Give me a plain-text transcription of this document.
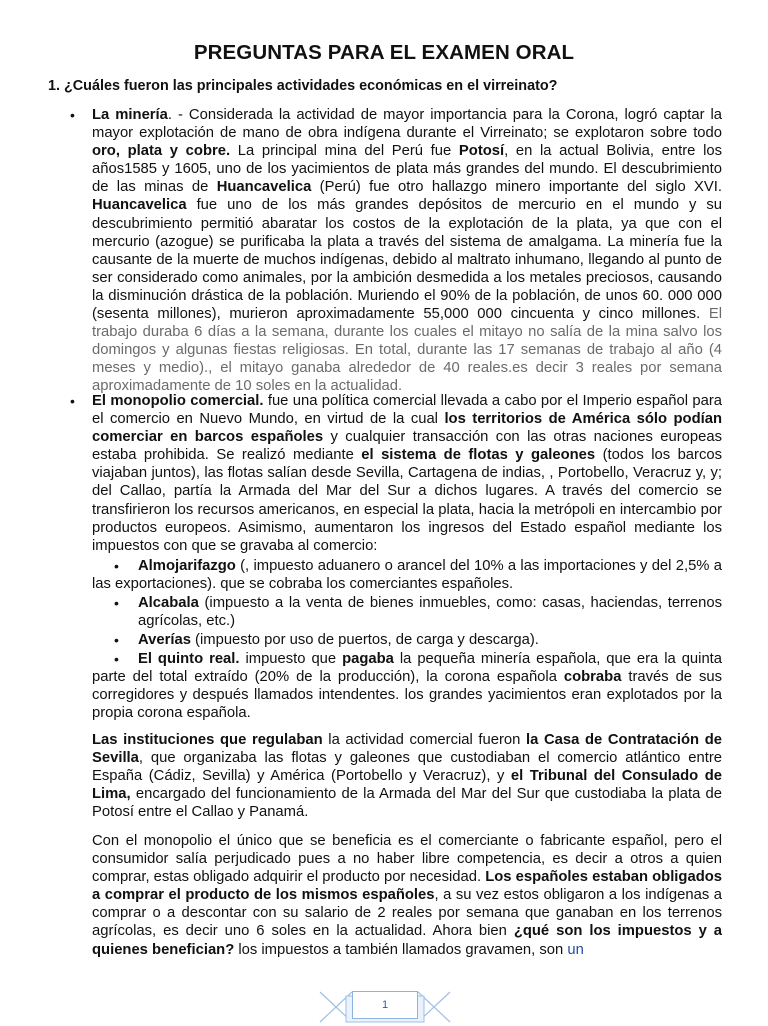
PREGUNTAS PARA EL EXAMEN ORAL

1. ¿Cuáles fueron las principales actividades económicas en el virreinato?

• La minería. - Considerada la actividad de mayor importancia para la Corona, logró captar la mayor explotación de mano de obra indígena durante el Virreinato; se explotaron sobre todo oro, plata y cobre. La principal mina del Perú fue Potosí, en la actual Bolivia, entre los años1585 y 1605, uno de los yacimientos de plata más grandes del mundo. El descubrimiento de las minas de Huancavelica (Perú) fue otro hallazgo minero importante del siglo XVI. Huancavelica fue uno de los más grandes depósitos de mercurio en el mundo y su descubrimiento permitió abaratar los costos de la explotación de la plata, ya que con el mercurio (azogue) se purificaba la plata a través del sistema de amalgama. La minería fue la causante de la muerte de muchos indígenas, debido al maltrato inhumano, llegando al punto de ser considerado como animales, por la ambición desmedida a los metales preciosos, causando la disminución drástica de la población. Muriendo el 90% de la población, de unos 60. 000 000 (sesenta millones), murieron aproximadamente 55,000 000 cincuenta y cinco millones. El trabajo duraba 6 días a la semana, durante los cuales el mitayo no salía de la mina salvo los domingos y algunas fiestas religiosas. En total, durante las 17 semanas de trabajo al año (4 meses y medio)., el mitayo ganaba alrededor de 40 reales.es decir 3 reales por semana aproximadamente de 10 soles en la actualidad.

• El monopolio comercial. fue una política comercial llevada a cabo por el Imperio español para el comercio en Nuevo Mundo, en virtud de la cual los territorios de América sólo podían comerciar en barcos españoles y cualquier transacción con las otras naciones europeas estaba prohibida. Se realizó mediante el sistema de flotas y galeones (todos los barcos viajaban juntos), las flotas salían desde Sevilla, Cartagena de indias, , Portobello, Veracruz y, y; del Callao, partía la Armada del Mar del Sur a dichos lugares. A través del comercio se transfirieron los recursos americanos, en especial la plata, hacia la metrópoli en intercambio por productos europeos. Asimismo, aumentaron los ingresos del Estado español mediante los impuestos con que se gravaba al comercio:

•	Almojarifazgo (, impuesto aduanero o arancel del 10% a las importaciones y del 2,5% a las exportaciones). que se cobraba los comerciantes españoles.

• Alcabala (impuesto a la venta de bienes inmuebles, como: casas, haciendas, terrenos agrícolas, etc.)

• Averías (impuesto por uso de puertos, de carga y descarga).

•	El quinto real. impuesto que pagaba la pequeña minería española, que era la quinta parte del total extraído (20% de la producción), la corona española cobraba través de sus corregidores y después llamados intendentes. los grandes yacimientos eran explotados por la propia corona española.

Las instituciones que regulaban la actividad comercial fueron la Casa de Contratación de Sevilla, que organizaba las flotas y galeones que custodiaban el comercio atlántico entre España (Cádiz, Sevilla) y América (Portobello y Veracruz), y el Tribunal del Consulado de Lima, encargado del funcionamiento de la Armada del Mar del Sur que custodiaba la plata de Potosí entre el Callao y Panamá.

Con el monopolio el único que se beneficia es el comerciante o fabricante español, pero el consumidor salía perjudicado pues a no haber libre competencia, es decir a otros a quien comprar, estas obligado adquirir el producto por necesidad. Los españoles estaban obligados a comprar el producto de los mismos españoles, a su vez estos obligaron a los indígenas a comprar o a descontar con su salario de 2 reales por semana que ganaban en los terrenos agrícolas, es decir uno 6 soles en la actualidad. Ahora bien ¿qué son los impuestos y a quienes benefician? los impuestos a también llamados gravamen, son un

1
